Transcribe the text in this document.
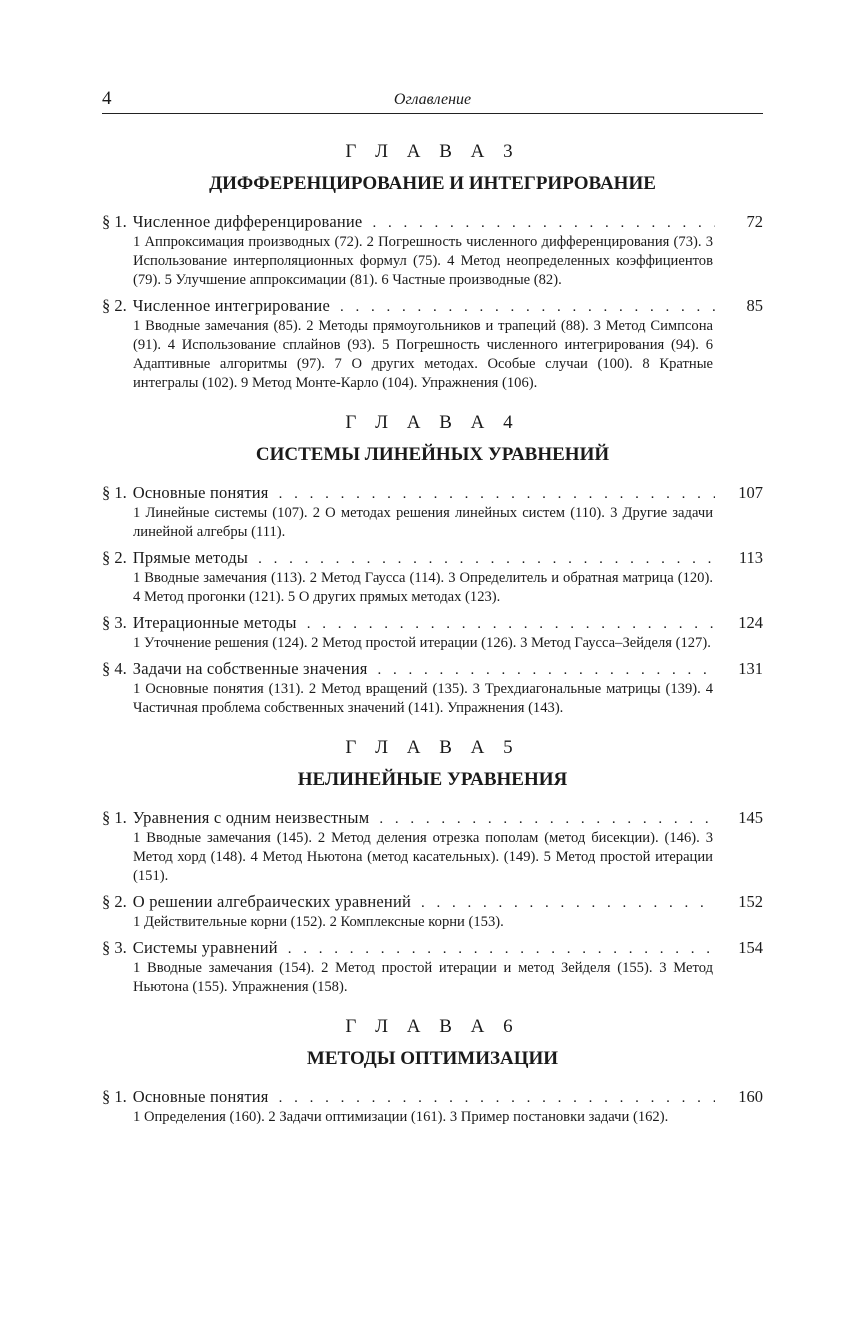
4	Оглавление
Г Л А В А 3
ДИФФЕРЕНЦИРОВАНИЕ И ИНТЕГРИРОВАНИЕ
§ 1. Численное дифференцирование . . .	72
1 Аппроксимация производных (72). 2 Погрешность численного дифференцирования (73). 3 Использование интерполяционных формул (75). 4 Метод неопределенных коэффициентов (79). 5 Улучшение аппроксимации (81). 6 Частные производные (82).
§ 2. Численное интегрирование . . .	85
1 Вводные замечания (85). 2 Методы прямоугольников и трапеций (88). 3 Метод Симпсона (91). 4 Использование сплайнов (93). 5 Погрешность численного интегрирования (94). 6 Адаптивные алгоритмы (97). 7 О других методах. Особые случаи (100). 8 Кратные интегралы (102). 9 Метод Монте-Карло (104). Упражнения (106).
Г Л А В А 4
СИСТЕМЫ ЛИНЕЙНЫХ УРАВНЕНИЙ
§ 1. Основные понятия . . .	107
1 Линейные системы (107). 2 О методах решения линейных систем (110). 3 Другие задачи линейной алгебры (111).
§ 2. Прямые методы . . .	113
1 Вводные замечания (113). 2 Метод Гаусса (114). 3 Определитель и обратная матрица (120). 4 Метод прогонки (121). 5 О других прямых методах (123).
§ 3. Итерационные методы . . .	124
1 Уточнение решения (124). 2 Метод простой итерации (126). 3 Метод Гаусса–Зейделя (127).
§ 4. Задачи на собственные значения . . .	131
1 Основные понятия (131). 2 Метод вращений (135). 3 Трехдиагональные матрицы (139). 4 Частичная проблема собственных значений (141). Упражнения (143).
Г Л А В А 5
НЕЛИНЕЙНЫЕ УРАВНЕНИЯ
§ 1. Уравнения с одним неизвестным . . .	145
1 Вводные замечания (145). 2 Метод деления отрезка пополам (метод бисекции). (146). 3 Метод хорд (148). 4 Метод Ньютона (метод касательных). (149). 5 Метод простой итерации (151).
§ 2. О решении алгебраических уравнений . . .	152
1 Действительные корни (152). 2 Комплексные корни (153).
§ 3. Системы уравнений . . .	154
1 Вводные замечания (154). 2 Метод простой итерации и метод Зейделя (155). 3 Метод Ньютона (155). Упражнения (158).
Г Л А В А 6
МЕТОДЫ ОПТИМИЗАЦИИ
§ 1. Основные понятия . . .	160
1 Определения (160). 2 Задачи оптимизации (161). 3 Пример постановки задачи (162).
